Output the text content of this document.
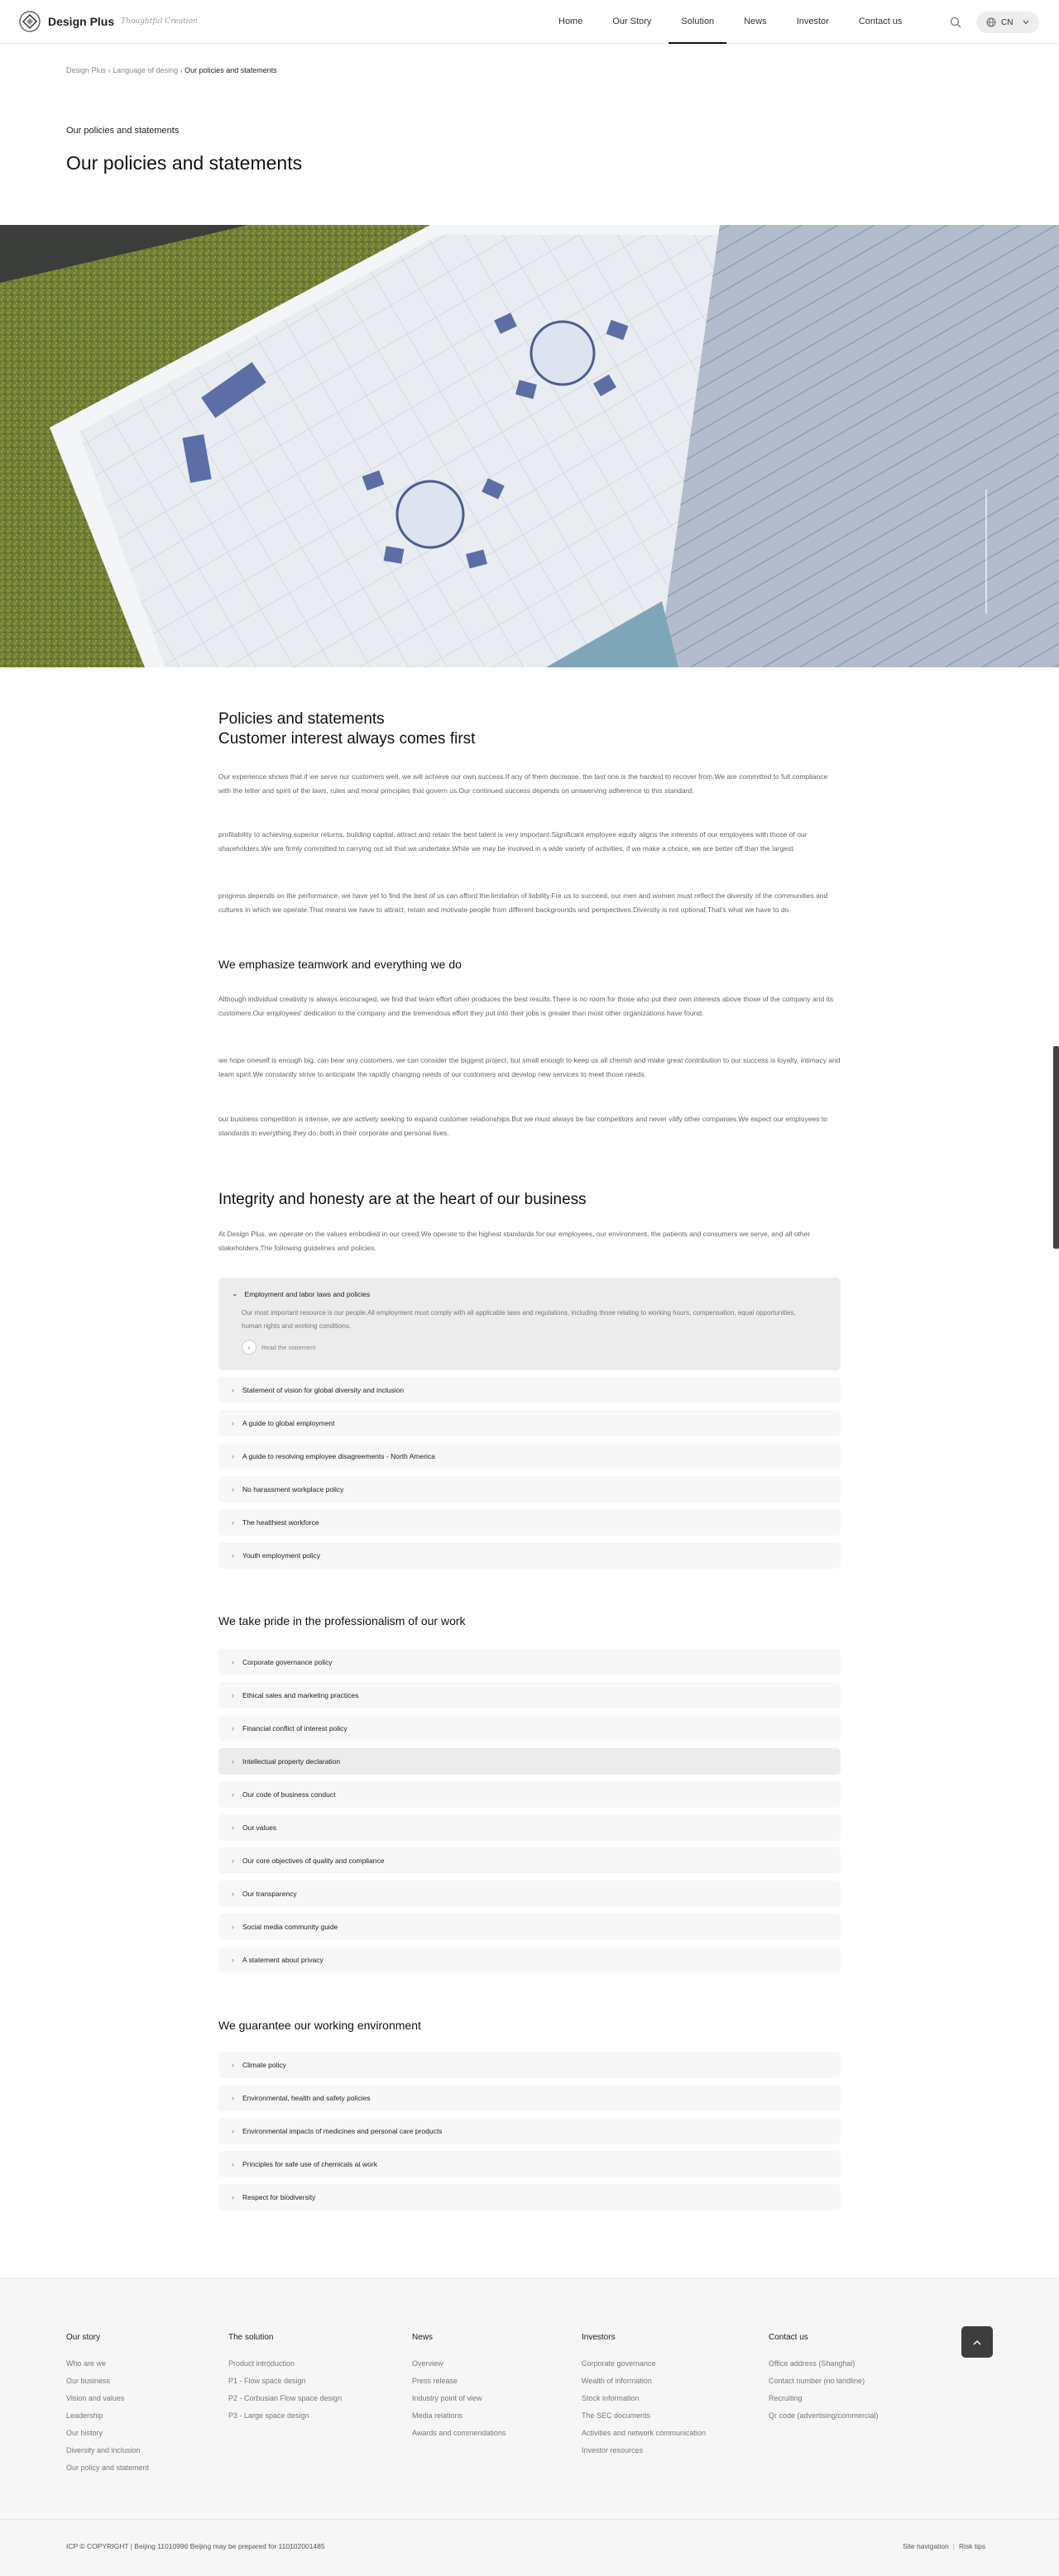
Design Plus Thoughtful Creation	Home	Our Story	Solution	News	Investor	Contact us	CN
Design Plus › Language of desing › Our policies and statements
Our policies and statements
Our policies and statements
Policies and statements
Customer interest always comes first

Our experience shows that if we serve our customers well, we will achieve our own success.If any of them decrease, the last one is the hardest to recover from.We are committed to full compliance with the letter and spirit of the laws, rules and moral principles that govern us.Our continued success depends on unswerving adherence to this standard.

profitability to achieving superior returns, building capital, attract and retain the best talent is very important.Significant employee equity aligns the interests of our employees with those of our shareholders.We are firmly committed to carrying out all that we undertake.While we may be involved in a wide variety of activities, if we make a choice, we are better off than the largest.

progress depends on the performance, we have yet to find the best of us can afford the limitation of liability.For us to succeed, our men and women must reflect the diversity of the communities and cultures in which we operate.That means we have to attract, retain and motivate people from different backgrounds and perspectives.Diversity is not optional;That's what we have to do.

We emphasize teamwork and everything we do

Although individual creativity is always encouraged, we find that team effort often produces the best results.There is no room for those who put their own interests above those of the company and its customers.Our employees' dedication to the company and the tremendous effort they put into their jobs is greater than most other organizations have found.

we hope oneself is enough big, can bear any customers, we can consider the biggest project, but small enough to keep us all cherish and make great contribution to our success is loyalty, intimacy and team spirit.We constantly strive to anticipate the rapidly changing needs of our customers and develop new services to meet those needs.

our business competition is intense, we are actively seeking to expand customer relationships.But we must always be fair competitors and never vilify other companies.We expect our employees to standards in everything they do, both in their corporate and personal lives.

Integrity and honesty are at the heart of our business

At Design Plus, we operate on the values embodied in our creed.We operate to the highest standards for our employees, our environment, the patients and consumers we serve, and all other stakeholders.The following guidelines and policies.

⌄ Employment and labor laws and policies
Our most important resource is our people.All employment must comply with all applicable laws and regulations, including those relating to working hours, compensation, equal opportunities, human rights and working conditions.
›	Read the statement
› Statement of vision for global diversity and inclusion
› A guide to global employment
› A guide to resolving employee disagreements - North America
› No harassment workplace policy
› The healthiest workforce
› Youth employment policy
We take pride in the professionalism of our work
› Corporate governance policy
› Ethical sales and marketing practices
› Financial conflict of interest policy
› Intellectual property declaration
› Our code of business conduct
› Our values
› Our core objectives of quality and compliance
› Our transparency
› Social media community guide
› A statement about privacy
We guarantee our working environment
› Climate policy
› Environmental, health and safety policies
› Environmental impacts of medicines and personal care products
› Principles for safe use of chemicals at work
› Respect for biodiversity
Our story
Who are we
Our business
Vision and values
Leadership
Our history
Diversity and inclusion
Our policy and statement
The solution
Product introduction
P1 - Flow space design
P2 - Corbusian Flow space design
P3 - Large space design
News
Overview
Press release
Industry point of view
Media relations
Awards and commendations
Investors
Corporate governance
Wealth of information
Stock information
The SEC documents
Activities and network communication
Investor resources
Contact us
Office address (Shanghai)
Contact number (no landline)
Recruiting
Qr code (advertising/commercial)
ICP © COPYRIGHT | Beijing 11010996 Beijing may be prepared for 110102001485	Site navigation | Risk tips
